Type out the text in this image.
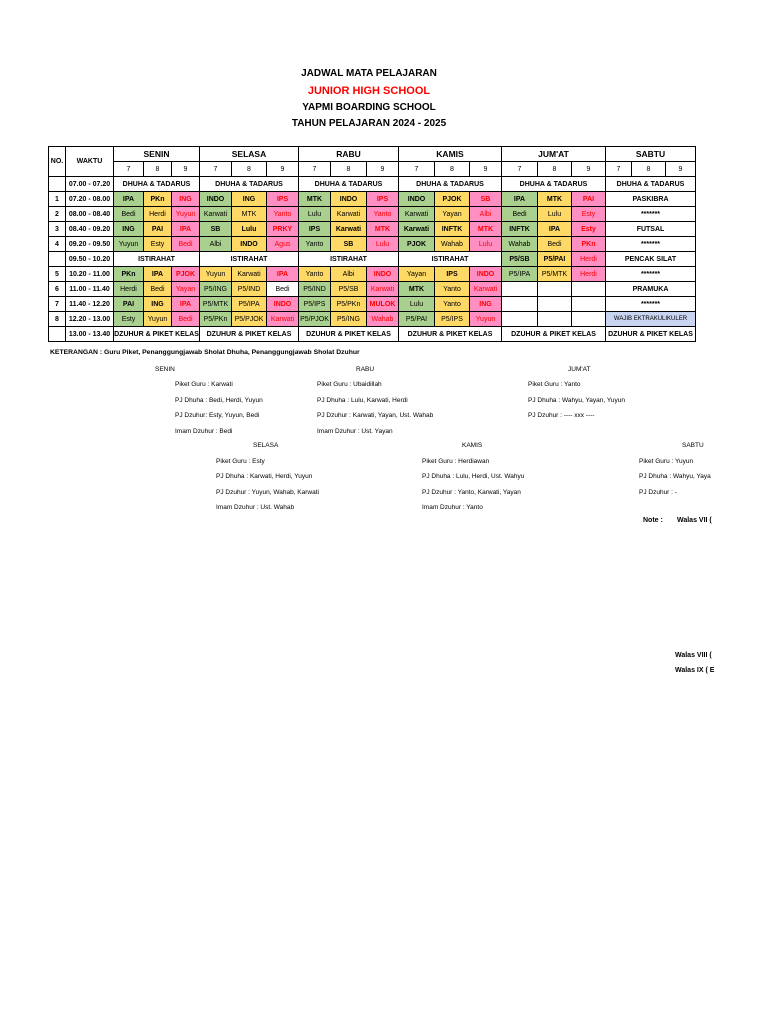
JADWAL MATA PELAJARAN
JUNIOR HIGH SCHOOL
YAPMI BOARDING SCHOOL
TAHUN PELAJARAN 2024 - 2025
NO.	WAKTU	SENIN			SELASA			RABU			KAMIS			JUM'AT			SABTU		
		7	8	9	7	8	9	7	8	9	7	8	9	7	8	9	7	8	9
	07.00 - 07.20	DHUHA & TADARUS			DHUHA & TADARUS			DHUHA & TADARUS			DHUHA & TADARUS			DHUHA & TADARUS			DHUHA & TADARUS		
1	07.20 - 08.00	IPA	PKn	ING	INDO	ING	IPS	MTK	INDO	IPS	INDO	PJOK	SB	IPA	MTK	PAI	PASKIBRA		
2	08.00 - 08.40	Bedi	Herdi	Yuyun	Karwati	MTK	Yanto	Lulu	Karwati	Yanto	Karwati	Yayan	Albi	Bedi	Lulu	Esty	*******		
3	08.40 - 09.20	ING	PAI	IPA	SB	Lulu	PRKY	IPS	Karwati	MTK	Karwati	INFTK	MTK	INFTK	IPA	Esty	FUTSAL		
4	09.20 - 09.50	Yuyun	Esty	Bedi	Albi	INDO	Agus	Yanto	SB	Lulu	PJOK	Wahab	Lulu	Wahab	Bedi	PKn	*******		
	09.50 - 10.20	ISTIRAHAT			ISTIRAHAT			ISTIRAHAT			ISTIRAHAT			P5/SB	P5/PAI	Herdi	PENCAK SILAT		
5	10.20 - 11.00	PKn	IPA	PJOK	Yuyun	Karwati	IPA	Yanto	Albi	INDO	Yayan	IPS	INDO	P5/IPA	P5/MTK	Herdi	*******		
6	11.00 - 11.40	Herdi	Bedi	Yayan	P5/ING	P5/IND	Bedi	P5/IND	P5/SB	Karwati	MTK	Yanto	Karwati				PRAMUKA		
7	11.40 - 12.20	PAI	ING	IPA	P5/MTK	P5/IPA	INDO	P5/IPS	P5/PKn	MULOK	Lulu	Yanto	ING				*******		
8	12.20 - 13.00	Esty	Yuyun	Bedi	P5/PKn	P5/PJOK	Karwati	P5/PJOK	P5/ING	Wahab	P5/PAI	P5/IPS	Yuyun				WAJIB EKTRAKULIKULER		
	13.00 - 13.40	DZUHUR & PIKET KELAS			DZUHUR & PIKET KELAS			DZUHUR & PIKET KELAS			DZUHUR & PIKET KELAS			DZUHUR & PIKET KELAS			DZUHUR & PIKET KELAS		
KETERANGAN : Guru Piket, Penanggungjawab Sholat Dhuha, Penanggungjawab Sholat Dzuhur
SENIN
Piket Guru : Karwati
PJ Dhuha : Bedi, Herdi, Yuyun
PJ Dzuhur: Esty, Yuyun, Bedi
Imam Dzuhur : Bedi
RABU
Piket Guru : Ubaidillah
PJ Dhuha : Lulu, Karwati, Herdi
PJ Dzuhur : Karwati, Yayan, Ust. Wahab
Imam Dzuhur : Ust. Yayan
JUM'AT
Piket Guru : Yanto
PJ Dhuha : Wahyu, Yayan, Yuyun
PJ Dzuhur : ---- xxx ----
SELASA
Piket Guru : Esty
PJ Dhuha : Karwati, Herdi, Yuyun
PJ Dzuhur : Yuyun, Wahab, Karwati
Imam Dzuhur : Ust. Wahab
KAMIS
Piket Guru : Herdiawan
PJ Dhuha : Lulu, Herdi, Ust. Wahyu
PJ Dzuhur : Yanto, Karwati, Yayan
Imam Dzuhur : Yanto
SABTU
Piket Guru : Yuyun
PJ Dhuha : Wahyu, Yaya
PJ Dzuhur : -
Note : Walas VII (
Walas VIII (
Walas IX ( E
